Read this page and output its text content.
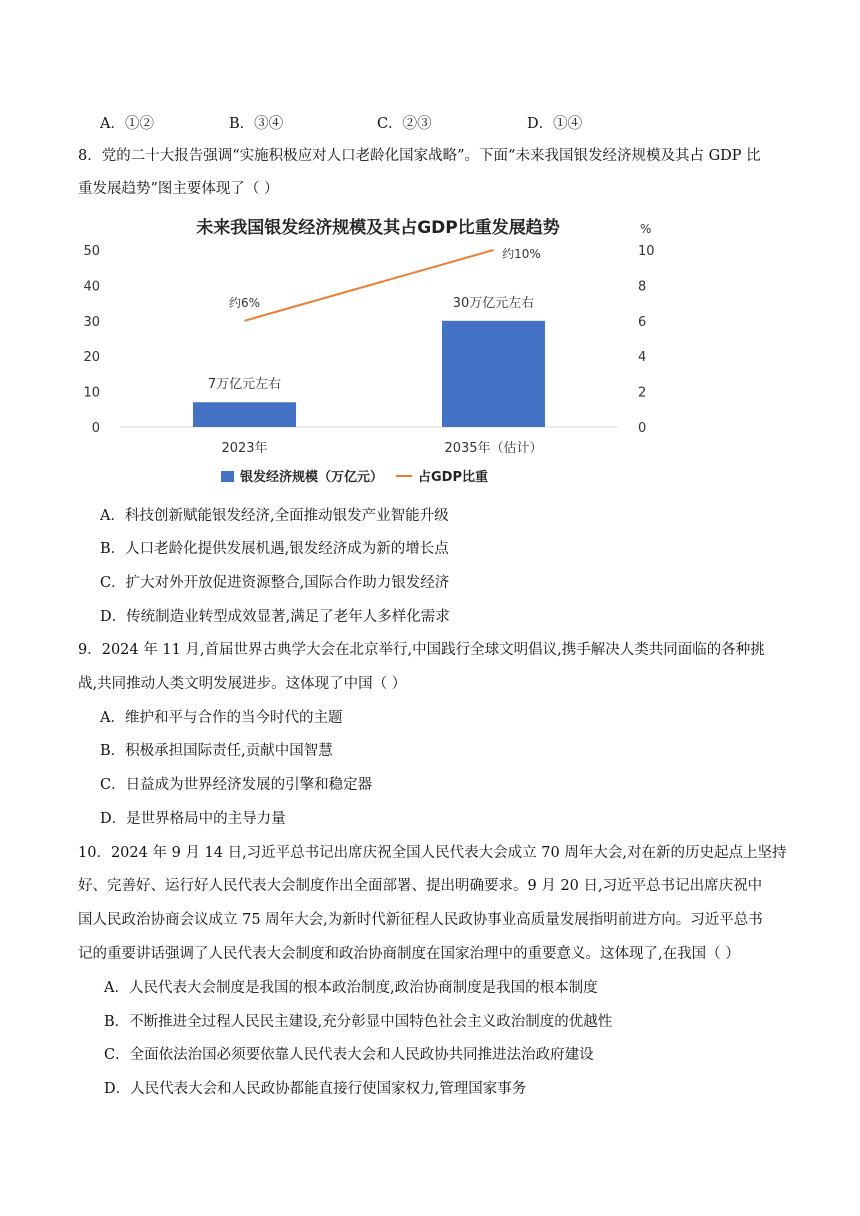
A．①②	B．③④	C．②③	D．①④
8．党的二十大报告强调“实施积极应对人口老龄化国家战略”。下面“未来我国银发经济规模及其占 GDP 比
重发展趋势”图主要体现了（ ）
未来我国银发经济规模及其占GDP比重发展趋势
0
10
20
30
40
50
0
2
4
6
8
10
%
2023年	2035年（估计）
7万亿元左右
30万亿元左右
约6%
约10%
银发经济规模（万亿元）	占GDP比重
A．科技创新赋能银发经济,全面推动银发产业智能升级
B．人口老龄化提供发展机遇,银发经济成为新的增长点
C．扩大对外开放促进资源整合,国际合作助力银发经济
D．传统制造业转型成效显著,满足了老年人多样化需求
9．2024 年 11 月,首届世界古典学大会在北京举行,中国践行全球文明倡议,携手解决人类共同面临的各种挑
战,共同推动人类文明发展进步。这体现了中国（ ）
A．维护和平与合作的当今时代的主题
B．积极承担国际责任,贡献中国智慧
C．日益成为世界经济发展的引擎和稳定器
D．是世界格局中的主导力量
10．2024 年 9 月 14 日,习近平总书记出席庆祝全国人民代表大会成立 70 周年大会,对在新的历史起点上坚持
好、完善好、运行好人民代表大会制度作出全面部署、提出明确要求。9 月 20 日,习近平总书记出席庆祝中
国人民政治协商会议成立 75 周年大会,为新时代新征程人民政协事业高质量发展指明前进方向。习近平总书
记的重要讲话强调了人民代表大会制度和政治协商制度在国家治理中的重要意义。这体现了,在我国（ ）
A．人民代表大会制度是我国的根本政治制度,政治协商制度是我国的根本制度
B．不断推进全过程人民民主建设,充分彰显中国特色社会主义政治制度的优越性
C．全面依法治国必须要依靠人民代表大会和人民政协共同推进法治政府建设
D．人民代表大会和人民政协都能直接行使国家权力,管理国家事务
